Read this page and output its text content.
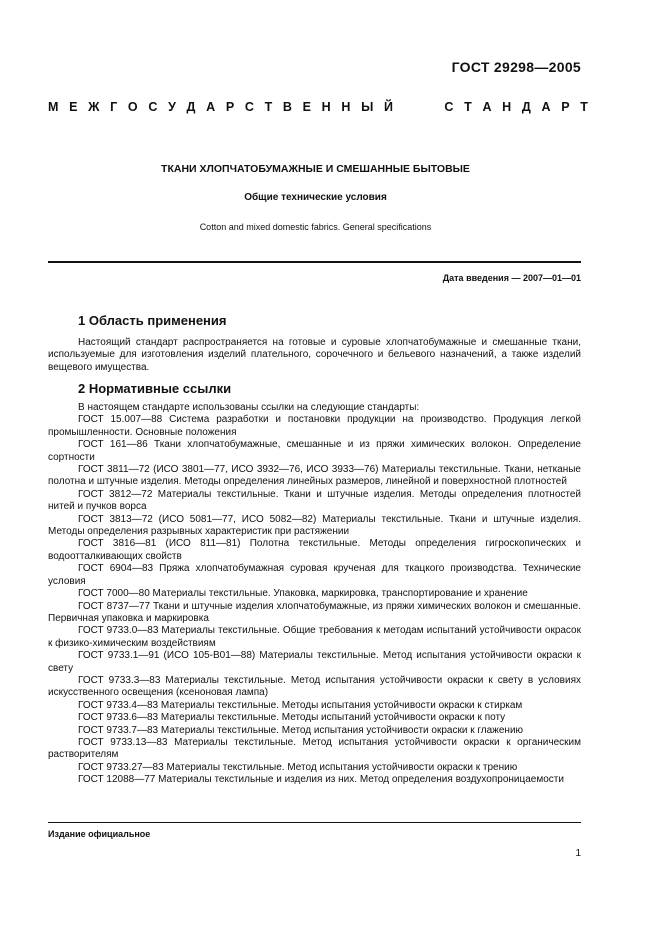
ГОСТ 29298—2005
М Е Ж Г О С У Д А Р С Т В Е Н Н Ы Й	С Т А Н Д А Р Т
ТКАНИ ХЛОПЧАТОБУМАЖНЫЕ И СМЕШАННЫЕ БЫТОВЫЕ
Общие технические условия
Cotton and mixed domestic fabrics. General specifications
Дата введения — 2007—01—01
1 Область применения
Настоящий стандарт распространяется на готовые и суровые хлопчатобумажные и смешанные ткани, используемые для изготовления изделий плательного, сорочечного и бельевого назначений, а также изделий вещевого имущества.
2 Нормативные ссылки

В настоящем стандарте использованы ссылки на следующие стандарты:

ГОСТ 15.007—88 Система разработки и постановки продукции на производство. Продукция легкой промышленности. Основные положения

ГОСТ 161—86 Ткани хлопчатобумажные, смешанные и из пряжи химических волокон. Определение сортности

ГОСТ 3811—72 (ИСО 3801—77, ИСО 3932—76, ИСО 3933—76) Материалы текстильные. Ткани, нетканые полотна и штучные изделия. Методы определения линейных размеров, линейной и поверхностной плотностей

ГОСТ 3812—72 Материалы текстильные. Ткани и штучные изделия. Методы определения плотностей нитей и пучков ворса

ГОСТ 3813—72 (ИСО 5081—77, ИСО 5082—82) Материалы текстильные. Ткани и штучные изделия. Методы определения разрывных характеристик при растяжении

ГОСТ 3816—81 (ИСО 811—81) Полотна текстильные. Методы определения гигроскопических и водоотталкивающих свойств

ГОСТ 6904—83 Пряжа хлопчатобумажная суровая крученая для ткацкого производства. Технические условия

ГОСТ 7000—80 Материалы текстильные. Упаковка, маркировка, транспортирование и хранение

ГОСТ 8737—77 Ткани и штучные изделия хлопчатобумажные, из пряжи химических волокон и смешанные. Первичная упаковка и маркировка

ГОСТ 9733.0—83 Материалы текстильные. Общие требования к методам испытаний устойчивости окрасок к физико-химическим воздействиям

ГОСТ 9733.1—91 (ИСО 105-В01—88) Материалы текстильные. Метод испытания устойчивости окраски к свету

ГОСТ 9733.3—83 Материалы текстильные. Метод испытания устойчивости окраски к свету в условиях искусственного освещения (ксеноновая лампа)

ГОСТ 9733.4—83 Материалы текстильные. Методы испытания устойчивости окраски к стиркам

ГОСТ 9733.6—83 Материалы текстильные. Методы испытаний устойчивости окраски к поту

ГОСТ 9733.7—83 Материалы текстильные. Метод испытания устойчивости окраски к глажению

ГОСТ 9733.13—83 Материалы текстильные. Метод испытания устойчивости окраски к органическим растворителям

ГОСТ 9733.27—83 Материалы текстильные. Метод испытания устойчивости окраски к трению

ГОСТ 12088—77 Материалы текстильные и изделия из них. Метод определения воздухопроницаемости

Издание официальное
1
